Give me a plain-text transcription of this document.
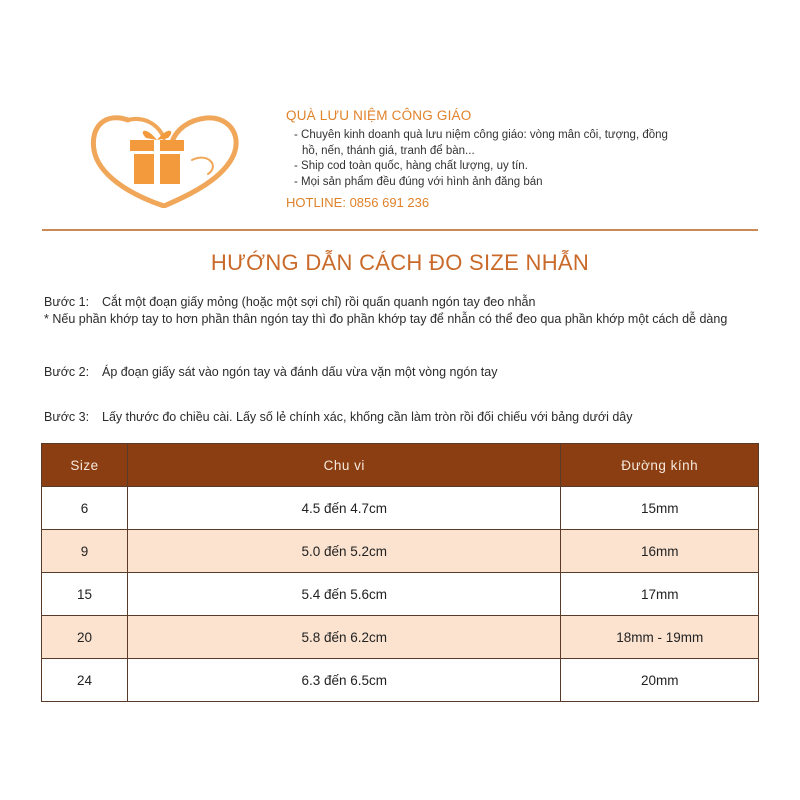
QUÀ LƯU NIỆM CÔNG GIÁO
- Chuyên kinh doanh quà lưu niệm công giáo: vòng mân côi, tượng, đồng
hồ, nến, thánh giá, tranh để bàn...
- Ship cod toàn quốc, hàng chất lượng, uy tín.
- Mọi sản phẩm đều đúng với hình ảnh đăng bán
HOTLINE: 0856 691 236
HƯỚNG DẪN CÁCH ĐO SIZE NHẪN

Bước 1: Cắt một đoạn giấy mỏng (hoặc một sợi chỉ) rồi quấn quanh ngón tay đeo nhẫn

* Nếu phần khớp tay to hơn phần thân ngón tay thì đo phần khớp tay để nhẫn có thể đeo qua phần khớp một cách dễ dàng

Bước 2: Áp đoạn giấy sát vào ngón tay và đánh dấu vừa vặn một vòng ngón tay

Bước 3: Lấy thước đo chiều cài. Lấy số lẻ chính xác, khống cần làm tròn rồi đối chiếu với bảng dưới dây

Size	Chu vi	Đường kính
6	4.5 đến 4.7cm	15mm
9	5.0 đến 5.2cm	16mm
15	5.4 đến 5.6cm	17mm
20	5.8 đến 6.2cm	18mm - 19mm
24	6.3 đến 6.5cm	20mm
